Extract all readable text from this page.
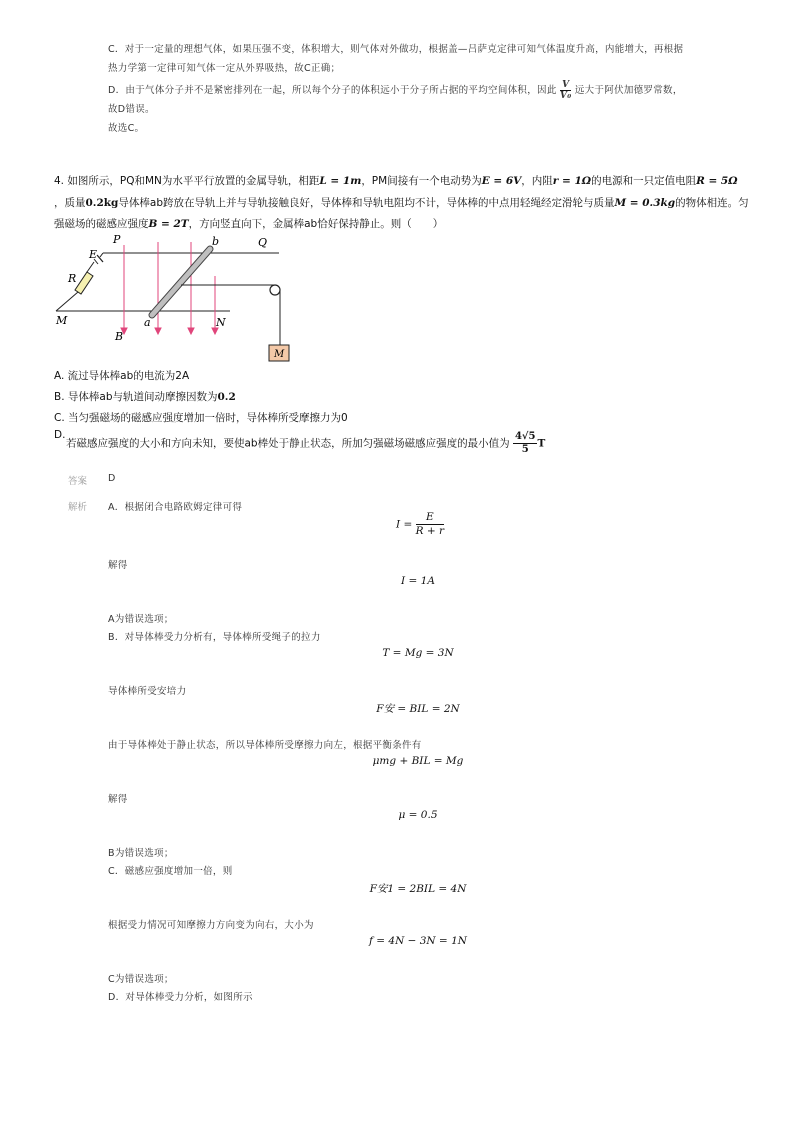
C．对于一定量的理想气体，如果压强不变，体积增大，则气体对外做功，根据盖—吕萨克定律可知气体温度升高，内能增大，再根据
热力学第一定律可知气体一定从外界吸热，故C正确；
D．由于气体分子并不是紧密排列在一起，所以每个分子的体积远小于分子所占据的平均空间体积，因此 $\frac{V}{\text{V₀}}$ 远大于阿伏加德罗常数，
故D错误。
故选C。
4. 如图所示，PQ和MN为水平平行放置的金属导轨，相距L = 1m，PM间接有一个电动势为E = 6V，内阻r = 1Ω的电源和一只定值电阻R = 5Ω
，质量0.2kg导体棒ab跨放在导轨上并与导轨接触良好，导体棒和导轨电阻均不计，导体棒的中点用轻绳经定滑轮与质量M = 0.3kg的物体相连。匀
强磁场的磁感应强度B = 2T，方向竖直向下，金属棒ab恰好保持静止。则（　　）
P	Q
b
E
R
M	a	N
B
M
A. 流过导体棒ab的电流为2A
B. 导体棒ab与轨道间动摩擦因数为0.2
C. 当匀强磁场的磁感应强度增加一倍时，导体棒所受摩擦力为0
D.
若磁感应强度的大小和方向未知，要使ab棒处于静止状态，所加匀强磁场磁感应强度的最小值为 $\frac{4√5}{5}$ T
答案 D
解析 A．根据闭合电路欧姆定律可得
$I = \frac{E}{R + r}$
解得
I = 1A
A为错误选项；
B．对导体棒受力分析有，导体棒所受绳子的拉力
T = Mg = 3N
导体棒所受安培力
F安 = BIL = 2N
由于导体棒处于静止状态，所以导体棒所受摩擦力向左，根据平衡条件有
μmg + BIL = Mg
解得
μ = 0.5
B为错误选项；
C．磁感应强度增加一倍，则
F安1 = 2BIL = 4N
根据受力情况可知摩擦力方向变为向右，大小为
f = 4N − 3N = 1N
C为错误选项；
D．对导体棒受力分析，如图所示
